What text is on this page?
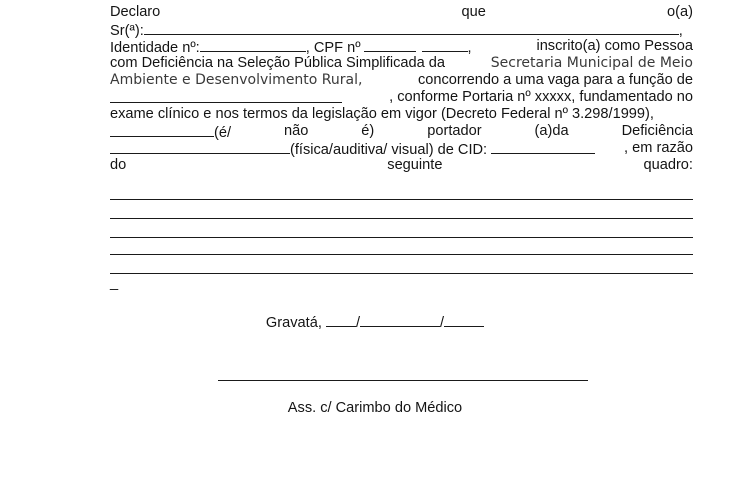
Declaro	que	o(a)
Sr(ª):	,
Identidade nº:	, CPF nº	,	inscrito(a) como Pessoa
com Deficiência na Seleção Pública Simplificada da	Secretaria Municipal de Meio
Ambiente e Desenvolvimento Rural,	concorrendo a uma vaga para a função de
, conforme Portaria nº xxxxx, fundamentado no
exame clínico e nos termos da legislação em vigor (Decreto Federal nº 3.298/1999),
(é/	não	é)	portador	(a)da	Deficiência
(física/auditiva/ visual) de CID:	, em razão
do	seguinte	quadro:
_
Gravatá, /	/
Ass. c/ Carimbo do Médico
